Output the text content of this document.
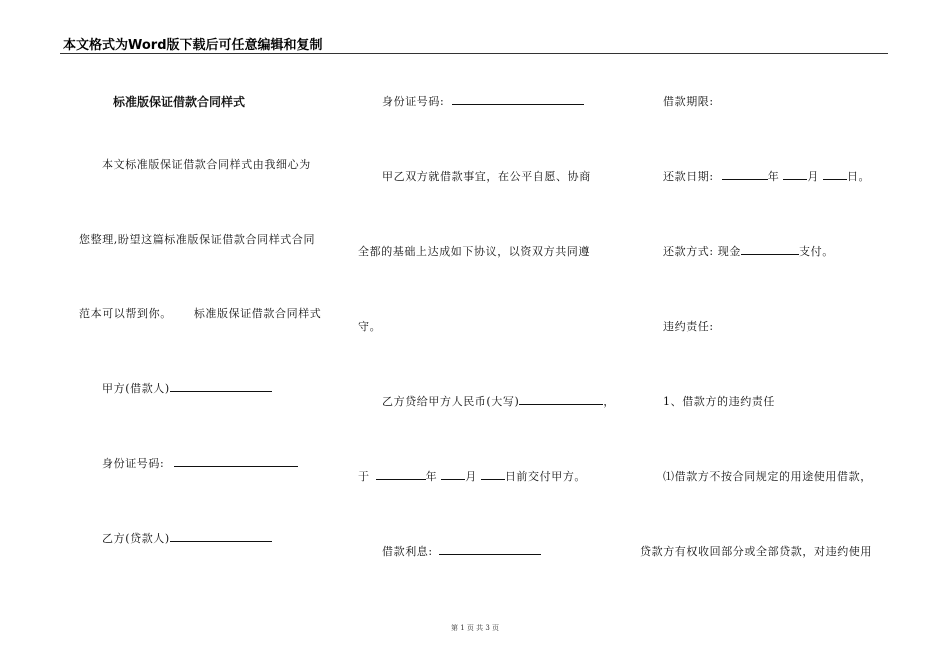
本文格式为Word版下载后可任意编辑和复制
标准版保证借款合同样式
本文标准版保证借款合同样式由我细心为
您整理,盼望这篇标准版保证借款合同样式合同
范本可以帮到你。 标准版保证借款合同样式
甲方(借款人)
身份证号码:
乙方(贷款人)
身份证号码:
甲乙双方就借款事宜，在公平自愿、协商
全都的基础上达成如下协议，以资双方共同遵
守。
乙方贷给甲方人民币(大写)	，
于	年	月	日前交付甲方。
借款利息:
借款期限:
还款日期:	年	月	日。
还款方式: 现金	支付。
违约责任:
1、借款方的违约责任
⑴借款方不按合同规定的用途使用借款，
贷款方有权收回部分或全部贷款，对违约使用
第 1 页 共 3 页
